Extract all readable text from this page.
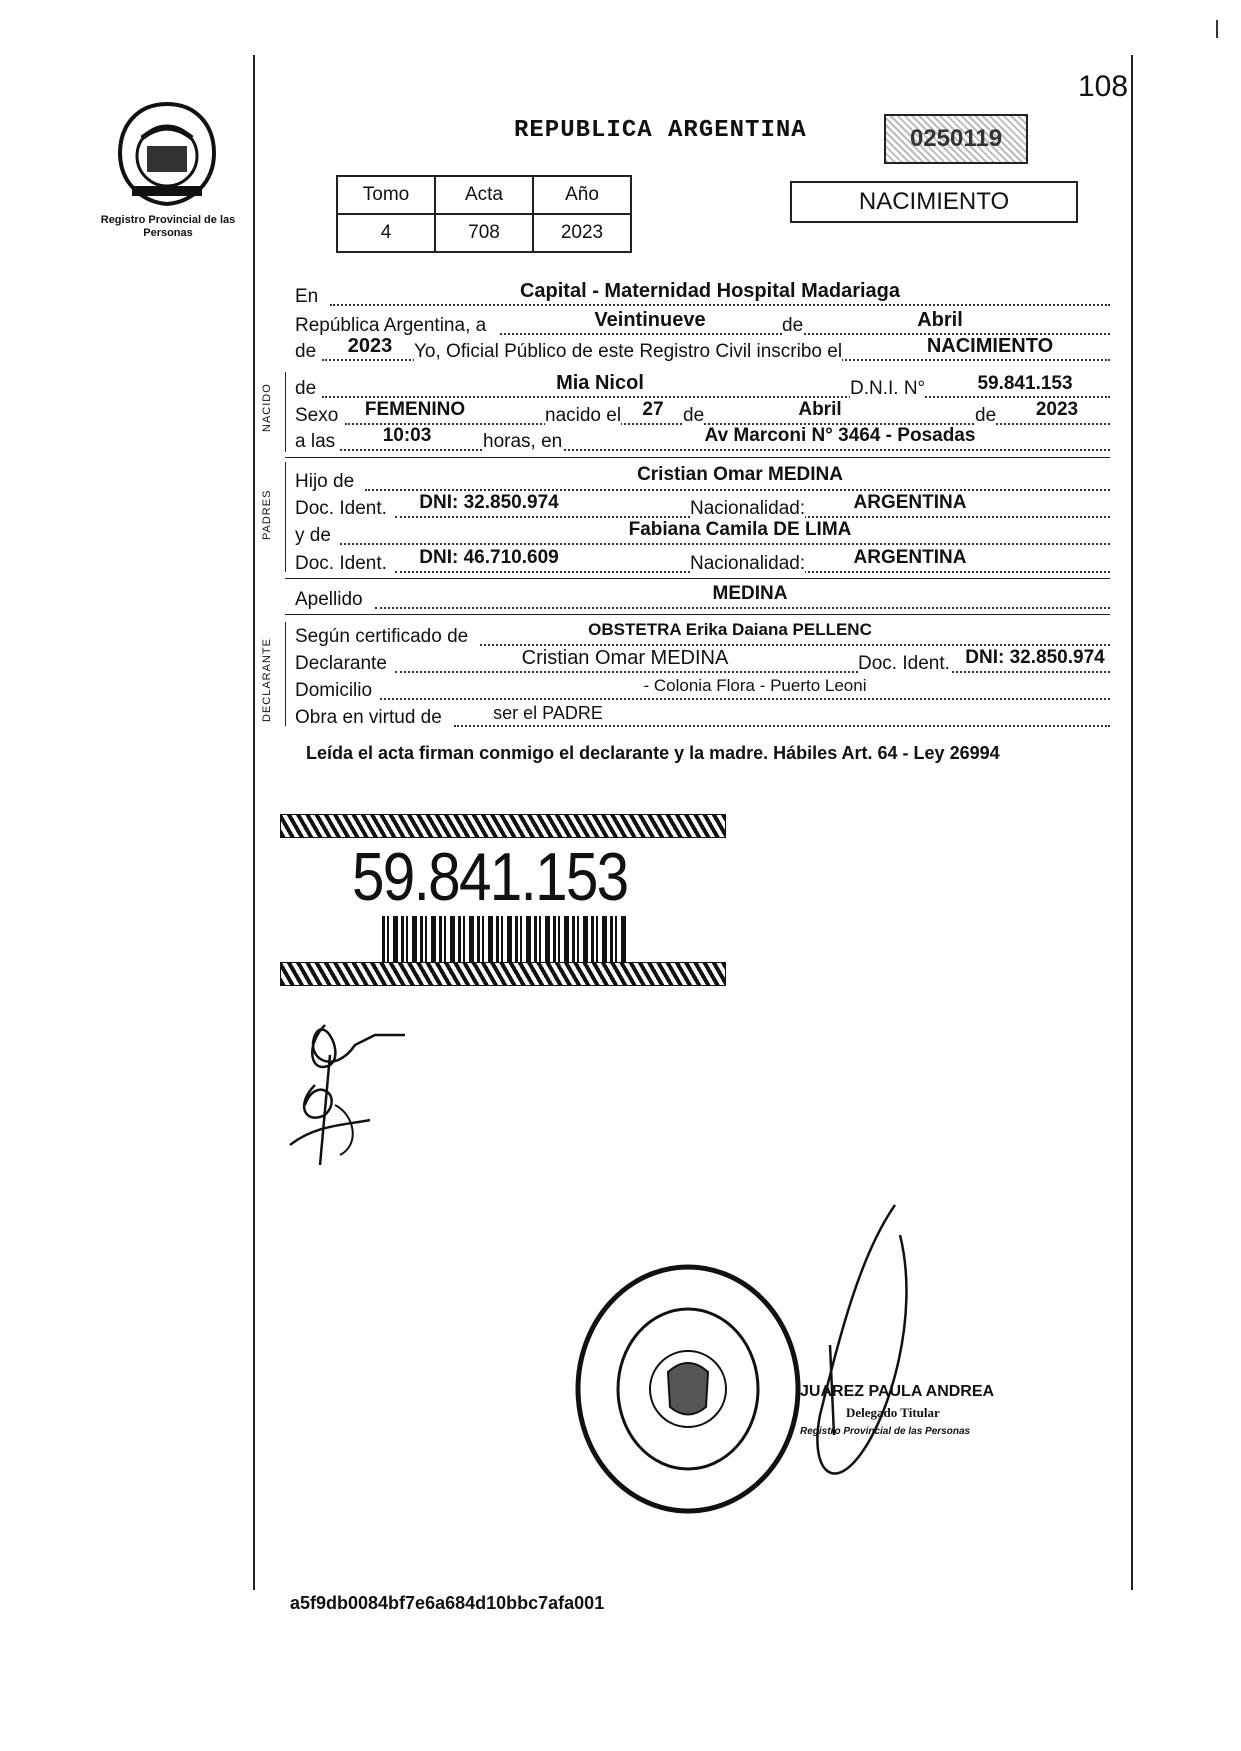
108
Registro Provincial de las Personas
REPUBLICA ARGENTINA	0250119
Tomo	Acta	Año
4	708	2023
NACIMIENTO
En	Capital - Maternidad Hospital Madariaga
República Argentina, a	Veintinueve	de	Abril
de	2023	Yo, Oficial Público de este Registro Civil inscribo el	NACIMIENTO
NACIDO de	Mia Nicol	D.N.I. N°	59.841.153
Sexo	FEMENINO	nacido el	27	de	Abril	de	2023
a las	10:03	horas, en	Av Marconi N° 3464 - Posadas
PADRES
Hijo de	Cristian Omar MEDINA
Doc. Ident.	DNI: 32.850.974	Nacionalidad:	ARGENTINA
y de	Fabiana Camila DE LIMA
Doc. Ident.	DNI: 46.710.609	Nacionalidad:	ARGENTINA
Apellido	MEDINA
DECLARANTE
Según certificado de	OBSTETRA Erika Daiana PELLENC
Declarante	Cristian Omar MEDINA	Doc. Ident. DNI: 32.850.974
Domicilio	- Colonia Flora - Puerto Leoni
Obra en virtud de	ser el PADRE
Leída el acta firman conmigo el declarante y la madre. Hábiles Art. 64 - Ley 26994
59.841.153
JUAREZ PAULA ANDREA
Delegado Titular
Registro Provincial de las Personas
a5f9db0084bf7e6a684d10bbc7afa001
